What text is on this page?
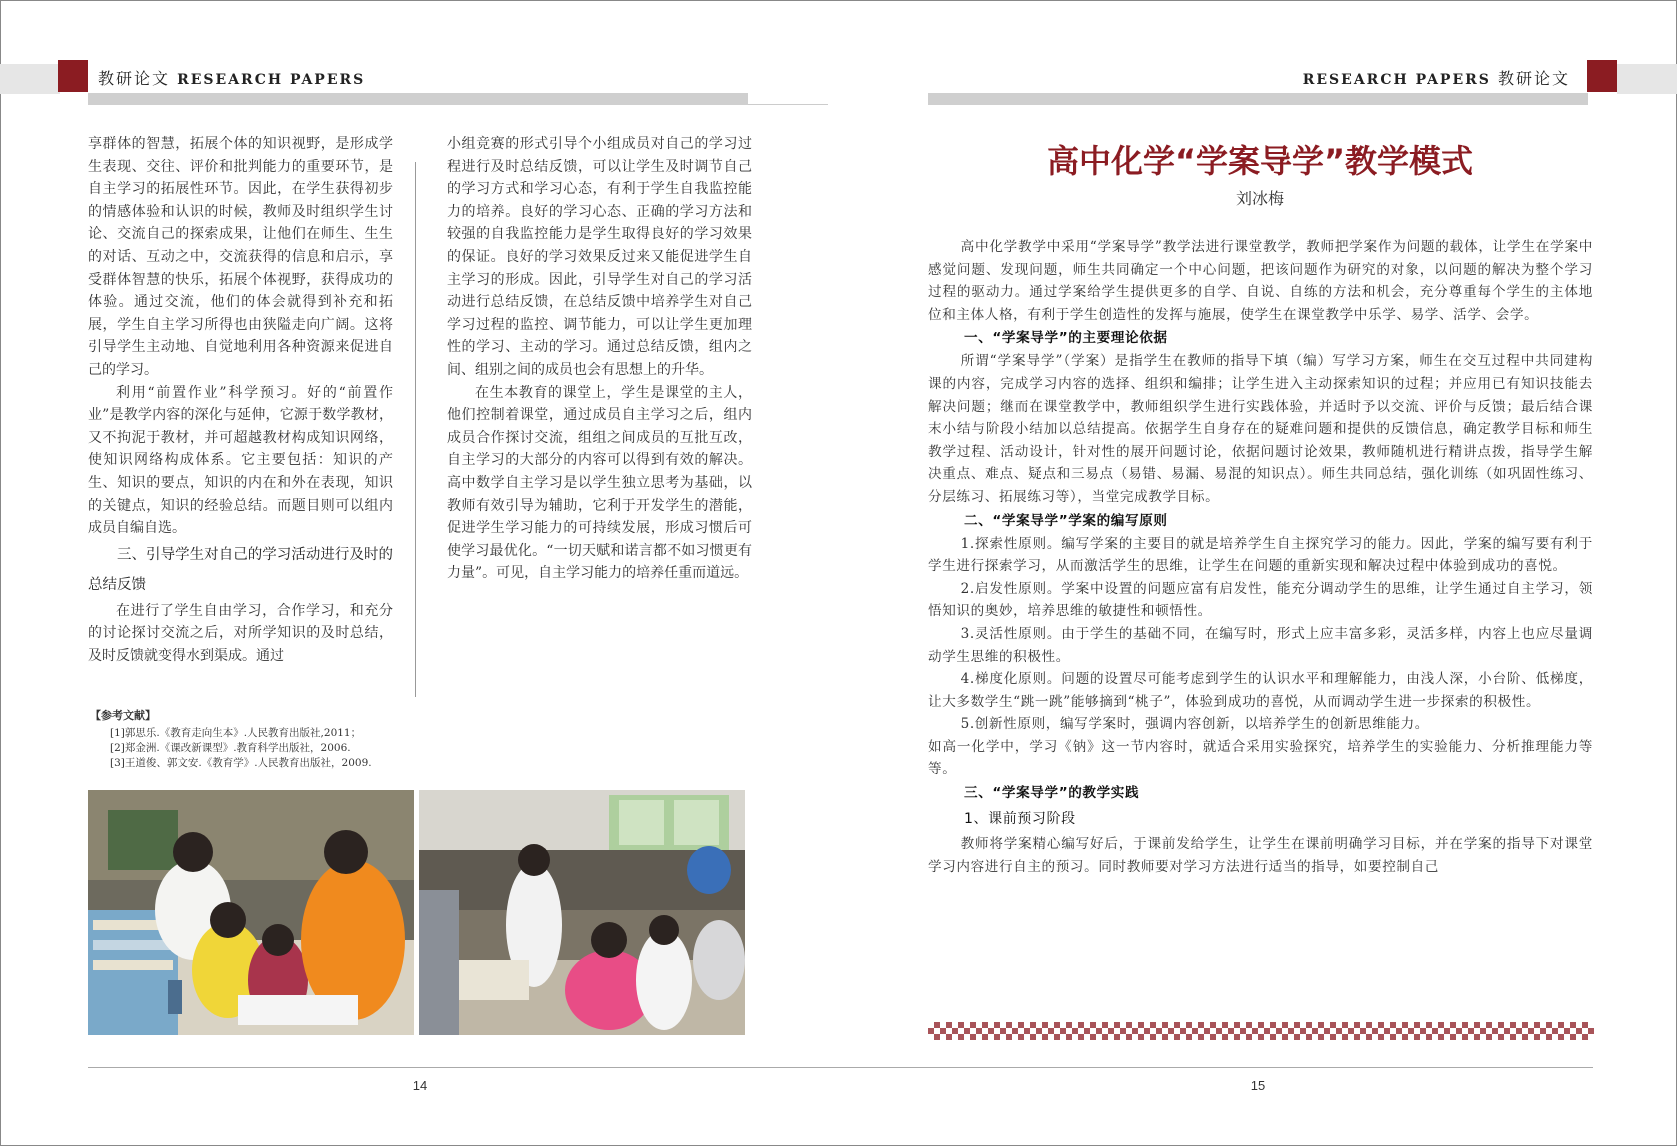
教研论文 RESEARCH PAPERS	RESEARCH PAPERS 教研论文

享群体的智慧，拓展个体的知识视野，是形成学生表现、交往、评价和批判能力的重要环节，是自主学习的拓展性环节。因此，在学生获得初步的情感体验和认识的时候，教师及时组织学生讨论、交流自己的探索成果，让他们在师生、生生的对话、互动之中，交流获得的信息和启示，享受群体智慧的快乐，拓展个体视野，获得成功的体验。通过交流，他们的体会就得到补充和拓展，学生自主学习所得也由狭隘走向广阔。这将引导学生主动地、自觉地利用各种资源来促进自己的学习。

利用“前置作业”科学预习。好的“前置作业”是教学内容的深化与延伸，它源于数学教材，又不拘泥于教材，并可超越教材构成知识网络，使知识网络构成体系。它主要包括：知识的产生、知识的要点，知识的内在和外在表现，知识的关键点，知识的经验总结。而题目则可以组内成员自编自选。

三、引导学生对自己的学习活动进行及时的总结反馈

在进行了学生自由学习，合作学习，和充分的讨论探讨交流之后，对所学知识的及时总结，及时反馈就变得水到渠成。通过

小组竞赛的形式引导个小组成员对自己的学习过程进行及时总结反馈，可以让学生及时调节自己的学习方式和学习心态，有利于学生自我监控能力的培养。良好的学习心态、正确的学习方法和较强的自我监控能力是学生取得良好的学习效果的保证。良好的学习效果反过来又能促进学生自主学习的形成。因此，引导学生对自己的学习活动进行总结反馈，在总结反馈中培养学生对自己学习过程的监控、调节能力，可以让学生更加理性的学习、主动的学习。通过总结反馈，组内之间、组别之间的成员也会有思想上的升华。

在生本教育的课堂上，学生是课堂的主人，他们控制着课堂，通过成员自主学习之后，组内成员合作探讨交流，组组之间成员的互批互改，自主学习的大部分的内容可以得到有效的解决。高中数学自主学习是以学生独立思考为基础，以教师有效引导为辅助，它利于开发学生的潜能，促进学生学习能力的可持续发展，形成习惯后可使学习最优化。“一切天赋和诺言都不如习惯更有力量”。可见，自主学习能力的培养任重而道远。

【参考文献】
[1]郭思乐.《教育走向生本》.人民教育出版社,2011；
[2]郑金洲.《课改新课型》.教育科学出版社，2006.
[3]王道俊、郭文安.《教育学》.人民教育出版社，2009.
高中化学“学案导学”教学模式
刘冰梅

高中化学教学中采用“学案导学”教学法进行课堂教学，教师把学案作为问题的载体，让学生在学案中感觉问题、发现问题，师生共同确定一个中心问题，把该问题作为研究的对象，以问题的解决为整个学习过程的驱动力。通过学案给学生提供更多的自学、自说、自练的方法和机会，充分尊重每个学生的主体地位和主体人格，有利于学生创造性的发挥与施展，使学生在课堂教学中乐学、易学、活学、会学。

一、“学案导学”的主要理论依据

所谓“学案导学”（学案）是指学生在教师的指导下填（编）写学习方案，师生在交互过程中共同建构课的内容，完成学习内容的选择、组织和编排；让学生进入主动探索知识的过程；并应用已有知识技能去解决问题；继而在课堂教学中，教师组织学生进行实践体验，并适时予以交流、评价与反馈；最后结合课末小结与阶段小结加以总结提高。依据学生自身存在的疑难问题和提供的反馈信息，确定教学目标和师生教学过程、活动设计，针对性的展开问题讨论，依据问题讨论效果，教师随机进行精讲点拨，指导学生解决重点、难点、疑点和三易点（易错、易漏、易混的知识点）。师生共同总结，强化训练（如巩固性练习、分层练习、拓展练习等），当堂完成教学目标。

二、“学案导学”学案的编写原则

1.探索性原则。编写学案的主要目的就是培养学生自主探究学习的能力。因此，学案的编写要有利于学生进行探索学习，从而激活学生的思维，让学生在问题的重新实现和解决过程中体验到成功的喜悦。

2.启发性原则。学案中设置的问题应富有启发性，能充分调动学生的思维，让学生通过自主学习，领悟知识的奥妙，培养思维的敏捷性和顿悟性。

3.灵活性原则。由于学生的基础不同，在编写时，形式上应丰富多彩，灵活多样，内容上也应尽量调动学生思维的积极性。

4.梯度化原则。问题的设置尽可能考虑到学生的认识水平和理解能力，由浅人深，小台阶、低梯度，让大多数学生“跳一跳”能够摘到“桃子”，体验到成功的喜悦，从而调动学生进一步探索的积极性。

5.创新性原则，编写学案时，强调内容创新，以培养学生的创新思维能力。

如高一化学中，学习《钠》这一节内容时，就适合采用实验探究，培养学生的实验能力、分析推理能力等等。

三、“学案导学”的教学实践

1、课前预习阶段

教师将学案精心编写好后，于课前发给学生，让学生在课前明确学习目标，并在学案的指导下对课堂学习内容进行自主的预习。同时教师要对学习方法进行适当的指导，如要控制自己

14	15
